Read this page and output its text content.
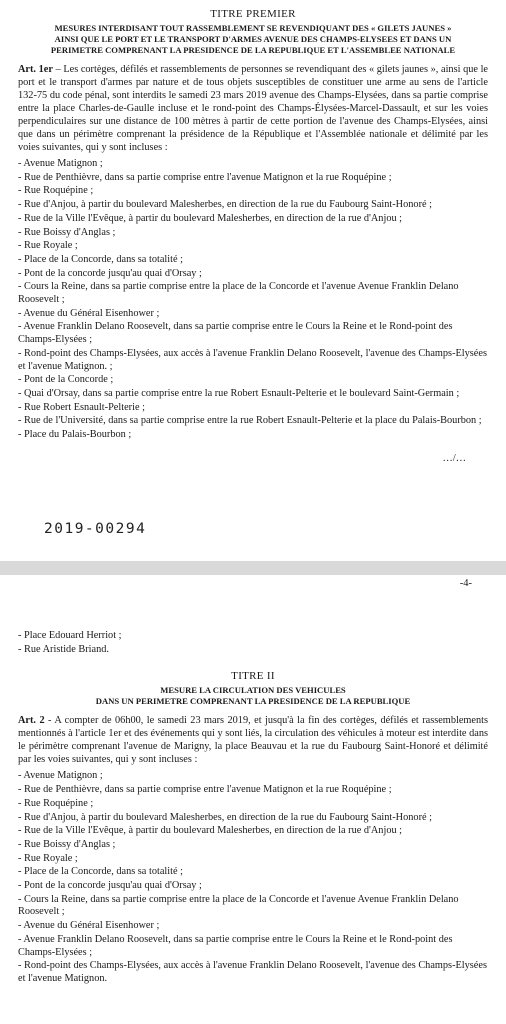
TITRE PREMIER
MESURES INTERDISANT TOUT RASSEMBLEMENT SE REVENDIQUANT DES « GILETS JAUNES »
AINSI QUE LE PORT ET LE TRANSPORT D'ARMES AVENUE DES CHAMPS-ELYSEES ET DANS UN
PERIMETRE COMPRENANT LA PRESIDENCE DE LA REPUBLIQUE ET L'ASSEMBLEE NATIONALE
Art. 1er – Les cortèges, défilés et rassemblements de personnes se revendiquant des « gilets jaunes », ainsi que le port et le transport d'armes par nature et de tous objets susceptibles de constituer une arme au sens de l'article 132-75 du code pénal, sont interdits le samedi 23 mars 2019 avenue des Champs-Elysées, dans sa partie comprise entre la place Charles-de-Gaulle incluse et le rond-point des Champs-Élysées-Marcel-Dassault, et sur les voies perpendiculaires sur une distance de 100 mètres à partir de cette portion de l'avenue des Champs-Elysées, ainsi que dans un périmètre comprenant la présidence de la République et l'Assemblée nationale et délimité par les voies suivantes, qui y sont incluses :
- Avenue Matignon ;
- Rue de Penthièvre, dans sa partie comprise entre l'avenue Matignon et la rue Roquépine ;
- Rue Roquépine ;
- Rue d'Anjou, à partir du boulevard Malesherbes, en direction de la rue du Faubourg Saint-Honoré ;
- Rue de la Ville l'Evêque, à partir du boulevard Malesherbes, en direction de la rue d'Anjou ;
- Rue Boissy d'Anglas ;
- Rue Royale ;
- Place de la Concorde, dans sa totalité ;
- Pont de la concorde jusqu'au quai d'Orsay ;
- Cours la Reine, dans sa partie comprise entre la place de la Concorde et l'avenue Avenue Franklin Delano Roosevelt ;
- Avenue du Général Eisenhower ;
- Avenue Franklin Delano Roosevelt, dans sa partie comprise entre le Cours la Reine et le Rond-point des Champs-Elysées ;
- Rond-point des Champs-Elysées, aux accès à l'avenue Franklin Delano Roosevelt, l'avenue des Champs-Elysées et l'avenue Matignon. ;
- Pont de la Concorde ;
- Quai d'Orsay, dans sa partie comprise entre la rue Robert Esnault-Pelterie et le boulevard Saint-Germain ;
- Rue Robert Esnault-Pelterie ;
- Rue de l'Université, dans sa partie comprise entre la rue Robert Esnault-Pelterie et la place du Palais-Bourbon ;
- Place du Palais-Bourbon ;
…/…
2019-00294
-4-
- Place Edouard Herriot ;
- Rue Aristide Briand.
TITRE II
MESURE LA CIRCULATION DES VEHICULES
DANS UN PERIMETRE COMPRENANT LA PRESIDENCE DE LA REPUBLIQUE
Art. 2 - A compter de 06h00, le samedi 23 mars 2019, et jusqu'à la fin des cortèges, défilés et rassemblements mentionnés à l'article 1er et des événements qui y sont liés, la circulation des véhicules à moteur est interdite dans le périmètre comprenant l'avenue de Marigny, la place Beauvau et la rue du Faubourg Saint-Honoré et délimité par les voies suivantes, qui y sont incluses :
- Avenue Matignon ;
- Rue de Penthièvre, dans sa partie comprise entre l'avenue Matignon et la rue Roquépine ;
- Rue Roquépine ;
- Rue d'Anjou, à partir du boulevard Malesherbes, en direction de la rue du Faubourg Saint-Honoré ;
- Rue de la Ville l'Evêque, à partir du boulevard Malesherbes, en direction de la rue d'Anjou ;
- Rue Boissy d'Anglas ;
- Rue Royale ;
- Place de la Concorde, dans sa totalité ;
- Pont de la concorde jusqu'au quai d'Orsay ;
- Cours la Reine, dans sa partie comprise entre la place de la Concorde et l'avenue Avenue Franklin Delano Roosevelt ;
- Avenue du Général Eisenhower ;
- Avenue Franklin Delano Roosevelt, dans sa partie comprise entre le Cours la Reine et le Rond-point des Champs-Elysées ;
- Rond-point des Champs-Elysées, aux accès à l'avenue Franklin Delano Roosevelt, l'avenue des Champs-Elysées et l'avenue Matignon.
